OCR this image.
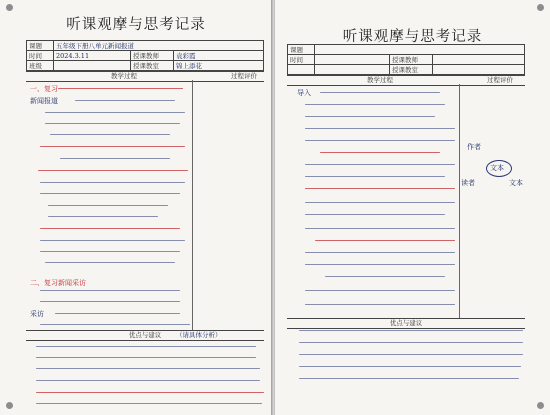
听课观摩与思考记录
课题	五年级下册八单元新闻报道		
时间	2024.3.11	授课教师	袁彩霞
班级		授课教室	锦上添花
教学过程	过程评价
一、复习
新闻报道
二、复习新闻采访
采访
优点与建议 （请具体分析）
听课观摩与思考记录
课题			
时间		授课教师	
		授课教室	
教学过程	过程评价
导入
作者
文本
读者	文本
优点与建议
